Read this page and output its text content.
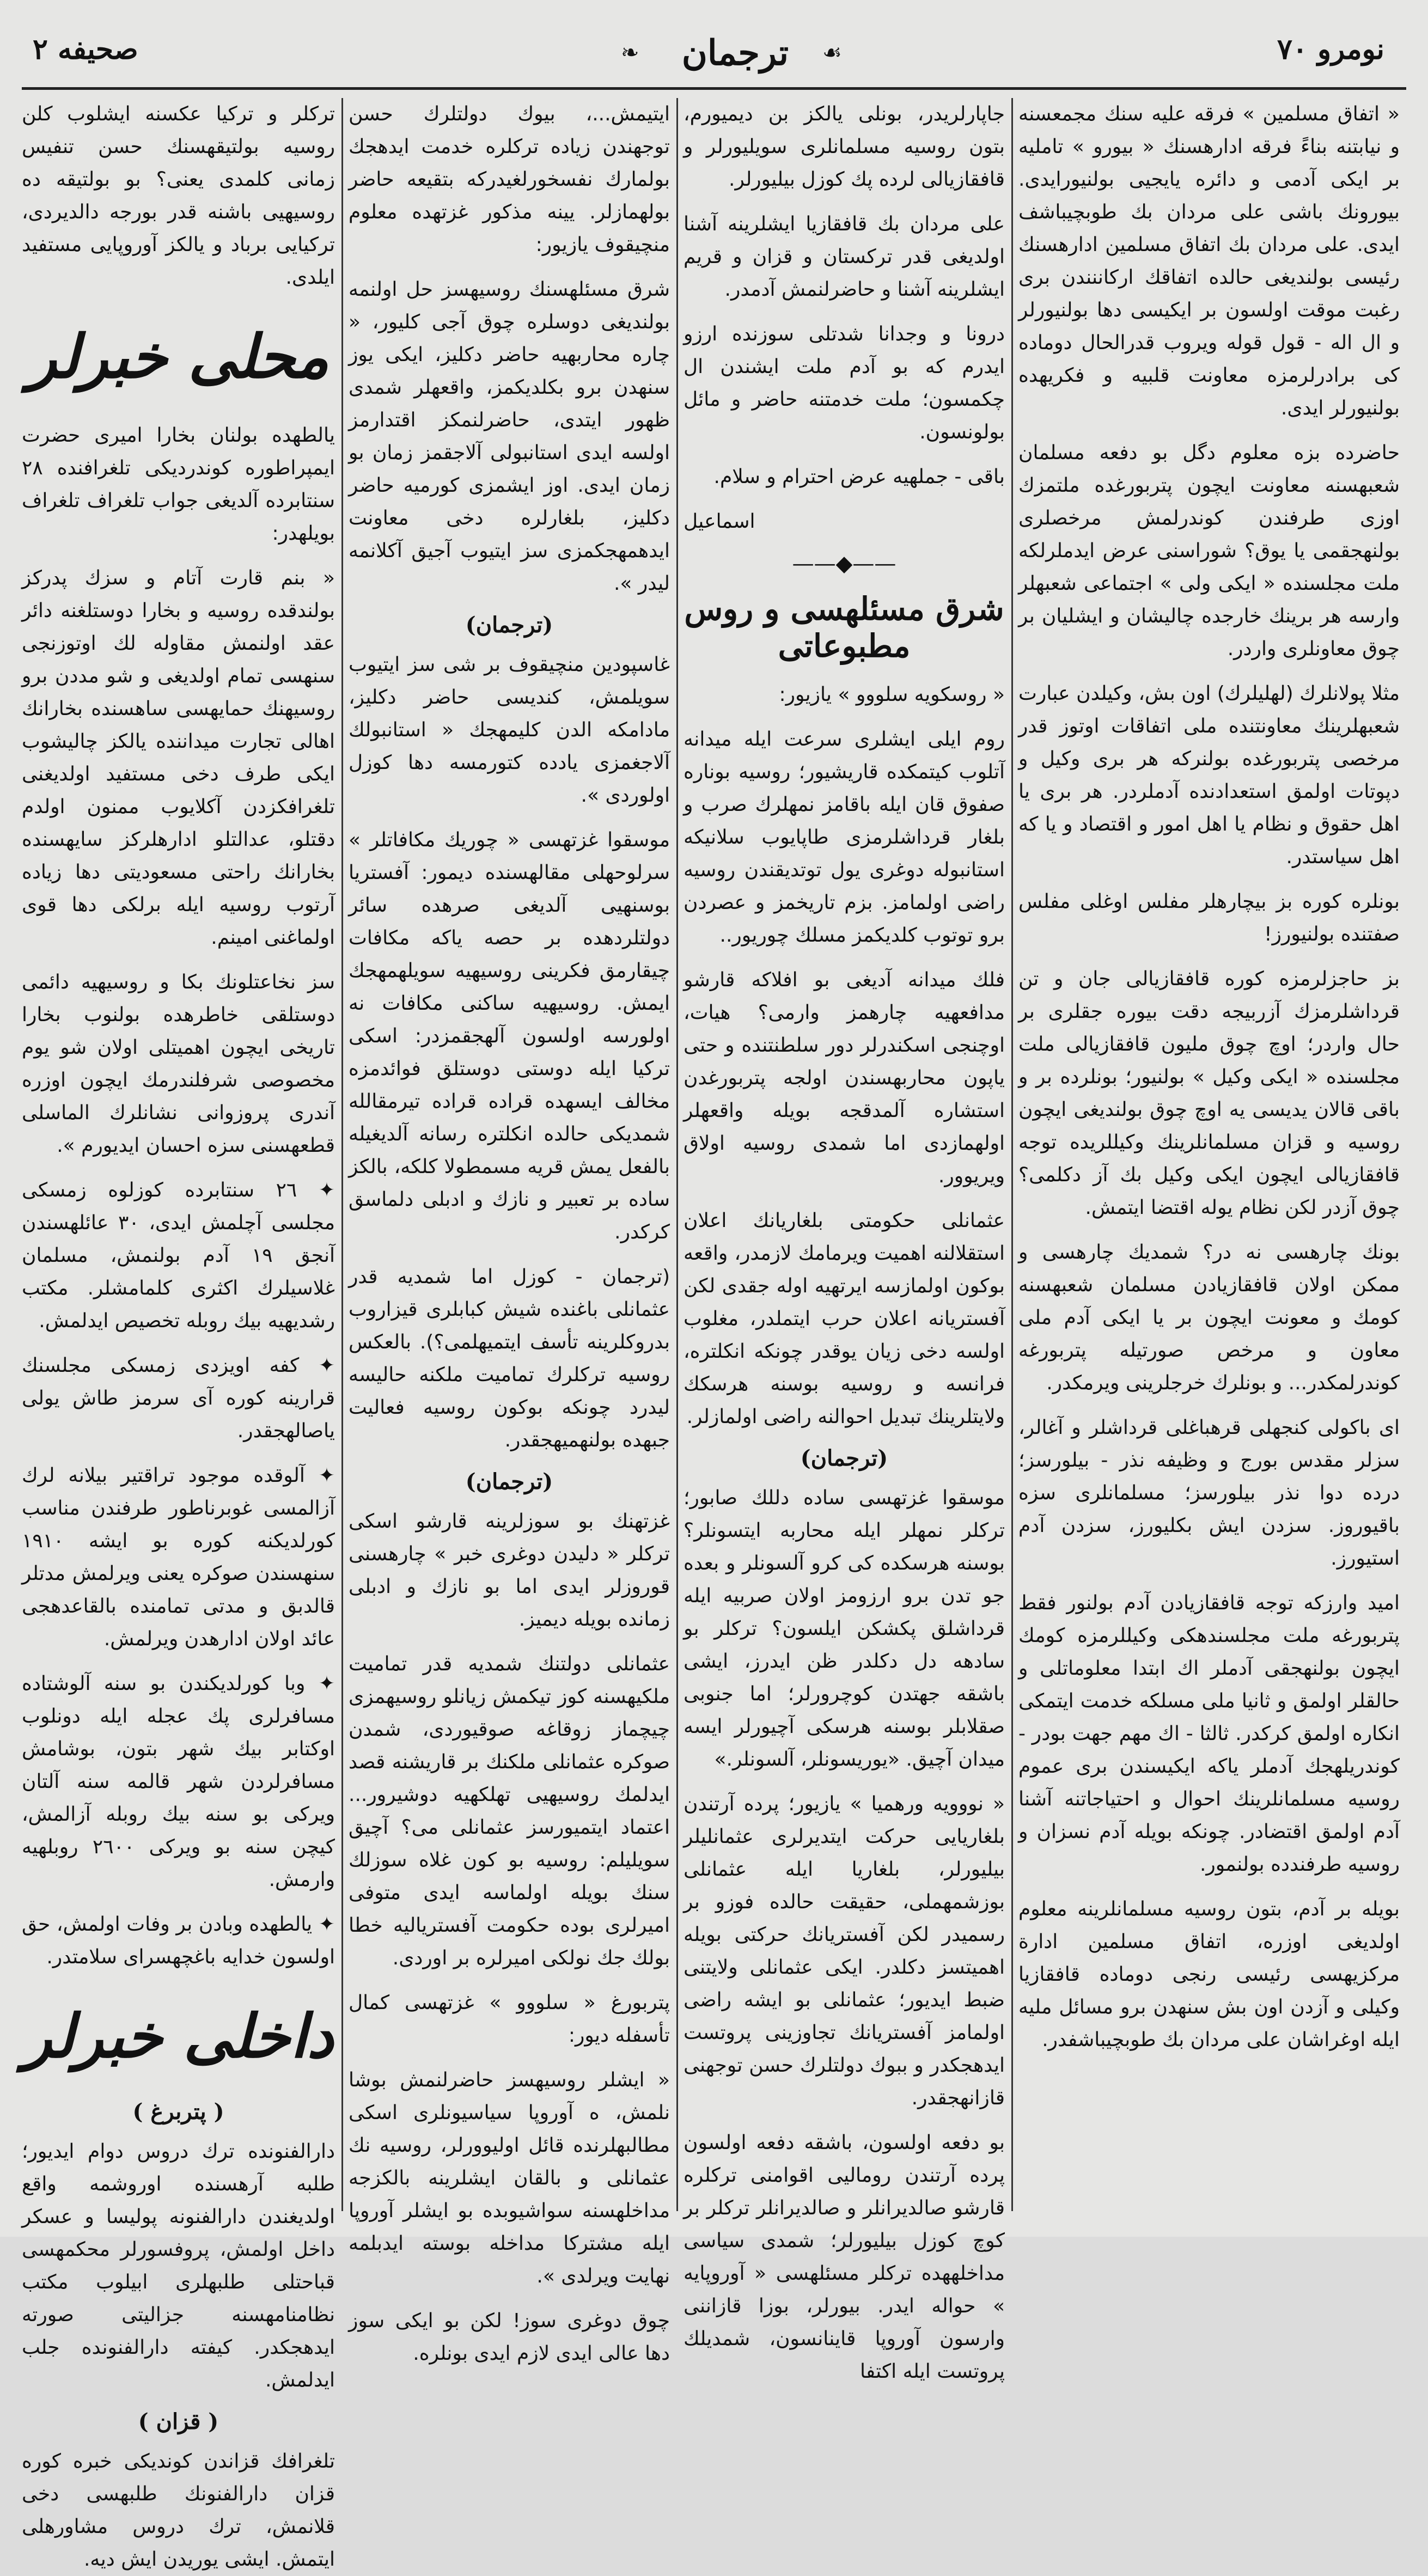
صحيفه ٢	❧	ترجمان	☙	نومرو ٧٠

« اتفاق مسلمين » فرقه عليه سنك مجمعسنه و نيابتنه بناءً فرقه ادارهسنك « بيورو » تامليه بر ايكى آدمى و دائره يايجيى بولنيورايدى. بيورونك باشى على مردان بك طوبچيباشف ايدى. على مردان بك اتفاق مسلمين ادارهسنك رئيسى بولنديغى حالده اتفاقك اركاننندن برى رغبت موقت اولسون بر ايكيسى دها بولنيورلر و ال اله - قول قوله ويروب قدرالحال دوماده كى برادرلرمزه معاونت قلبيه و فكريهده بولنيورلر ايدى.

حاضرده بزه معلوم دگل بو دفعه مسلمان شعبهسنه معاونت ايچون پتربورغده ملتمزك اوزى طرفندن كوندرلمش مرخصلرى بولنهجقمى يا يوق؟ شوراسنى عرض ايدملرلكه ملت مجلسنده « ايكى ولى » اجتماعى شعبهلر وارسه هر برينك خارجده چاليشان و ايشليان بر چوق معاونلرى واردر.

مثلا پولانلرك (لهليلرك) اون بش، وكيلدن عبارت شعبهلرينك معاونتنده ملى اتفاقات اوتوز قدر مرخصى پتربورغده بولنركه هر برى وكيل و دپوتات اولمق استعدادنده آدملردر. هر برى يا اهل حقوق و نظام يا اهل امور و اقتصاد و يا كه اهل سياستدر.

بونلره كوره بز بيچارهلر مفلس اوغلى مفلس صفتنده بولنيورز!

بز حاجزلرمزه كوره قافقازيالى جان و تن قرداشلرمزك آزربيجه دقت بيوره جقلرى بر حال واردر؛ اوچ چوق مليون قافقازيالى ملت مجلسنده « ايكى وكيل » بولنيور؛ بونلرده بر و باقى قالان يديسى يه اوچ چوق بولنديغى ايچون روسيه و قزان مسلمانلرينك وكيللريده توجه قافقازيالى ايچون ايكى وكيل بك آز دكلمى؟ چوق آزدر لكن نظام يوله اقتضا ايتمش.

بونك چارهسى نه در؟ شمديك چارهسى و ممكن اولان قافقازيادن مسلمان شعبهسنه كومك و معونت ايچون بر يا ايكى آدم ملى معاون و مرخص صورتيله پتربورغه كوندرلمكدر... و بونلرك خرجلرينى ويرمكدر.

اى باكولى كنجهلى قرهباغلى قرداشلر و آغالر، سزلر مقدس بورج و وظيفه نذر - بيلورسز؛ درده دوا نذر بيلورسز؛ مسلمانلرى سزه باقيوروز. سزدن ايش بكليورز، سزدن آدم استيورز.

اميد وارزكه توجه قافقازيادن آدم بولنور فقط پتربورغه ملت مجلسندهكى وكيللرمزه كومك ايچون بولنهجقى آدملر اك ابتدا معلوماتلى و حالقلر اولمق و ثانيا ملى مسلكه خدمت ايتمكى انكاره اولمق كركدر. ثالثا - اك مهم جهت بودر - كوندريلهجك آدملر ياكه ايكيسندن برى عموم روسيه مسلمانلرينك احوال و احتياجاتنه آشنا آدم اولمق اقتضادر. چونكه بويله آدم نسزان و روسيه طرفندده بولنمور.

بويله بر آدم، بتون روسيه مسلمانلرينه معلوم اولديغى اوزره، اتفاق مسلمين ادارة مركزيهسى رئيسى رنجى دوماده قافقازيا وكيلى و آزدن اون بش سنهدن برو مسائل مليه ايله اوغراشان على مردان بك طوبچيباشفدر.

جاپارلريدر، بونلى يالكز بن ديميورم، بتون روسيه مسلمانلرى سويليورلر و قافقازيالى لرده پك كوزل بيليورلر.

على مردان بك قافقازيا ايشلرينه آشنا اولديغى قدر تركستان و قزان و قريم ايشلرينه آشنا و حاضرلنمش آدمدر.

درونا و وجدانا شدتلى سوزنده ارزو ايدرم كه بو آدم ملت ايشندن ال چكمسون؛ ملت خدمتنه حاضر و مائل بولونسون.

باقى - جملهيه عرض احترام و سلام.

اسماعيل

——◆——
شرق مسئلهسى و روس مطبوعاتى

« روسكويه سلووو » يازيور:

روم ايلى ايشلرى سرعت ايله ميدانه آتلوب كيتمكده قاريشيور؛ روسيه بوناره صفوق قان ايله باقامز نمهلرك صرب و بلغار قرداشلرمزى طاپايوب سلانيكه استانبوله دوغرى يول توتديقندن روسيه راضى اولمامز. بزم تاريخمز و عصردن برو توتوب كلديكمز مسلك چوريور..

فلك ميدانه آديغى بو افلاكه قارشو مدافعهيه چارهمز وارمى؟ هيات، اوچنجى اسكندرلر دور سلطنتنده و حتى ياپون محاربهسندن اولجه پتربورغدن استشاره آلمدقجه بويله واقعهلر اولهمازدى اما شمدى روسيه اولاق ويريوور.

عثمانلى حكومتى بلغاريانك اعلان استقلالنه اهميت ويرمامك لازمدر، واقعه بوكون اولمازسه ايرتهيه اوله جقدى لكن آفستريانه اعلان حرب ايتملدر، مغلوب اولسه دخى زيان يوقدر چونكه انكلتره، فرانسه و روسيه بوسنه هرسكك ولايتلرينك تبديل احوالنه راضى اولمازلر.

(ترجمان)

موسقوا غزتهسى ساده دللك صابور؛ تركلر نمهلر ايله محاربه ايتسونلر؟ بوسنه هرسكده كى كرو آلسونلر و بعده جو تدن برو ارزومز اولان صربيه ايله قرداشلق پكشكن ايلسون؟ تركلر بو سادهه دل دكلدر ظن ايدرز، ايشى باشقه جهتدن كوچرورلر؛ اما جنوبى صقلابلر بوسنه هرسكى آچيورلر ايسه ميدان آچيق. «يوريسونلر، آلسونلر.»

« نووويه ورهميا » يازيور؛ پرده آرتندن بلغاريايى حركت ايتديرلرى عثمانليلر بيليورلر، بلغاريا ايله عثمانلى بوزشمهملى، حقيقت حالده فوزو بر رسميدر لكن آفستريانك حركتى بويله اهميتسز دكلدر. ايكى عثمانلى ولايتنى ضبط ايديور؛ عثمانلى بو ايشه راضى اولمامز آفستريانك تجاوزينى پروتست ايدهجكدر و ببوك دولتلرك حسن توجهنى قازانهجقدر.

بو دفعه اولسون، باشقه دفعه اولسون پرده آرتندن روماليى اقوامنى تركلره قارشو صالديرانلر و صالديرانلر تركلر بر كوچ كوزل بيليورلر؛ شمدى سياسى مداخلههده تركلر مسئلهسى « آوروپايه » حواله ايدر. بيورلر، بوزا قازاننى وارسون آوروپا قاينانسون، شمديلك پروتست ايله اكتفا

ايتيمش...، بيوك دولتلرك حسن توجهندن زياده تركلره خدمت ايدهجك بولمارك نفسخورلغيدركه بتقيعه حاضر بولهمازلر. يينه مذكور غزتهده معلوم منچيقوف يازيور:

شرق مسئلهسنك روسيهسز حل اولنمه بولنديغى دوسلره چوق آجى كليور، « چاره محاربهيه حاضر دكليز، ايكى يوز سنهدن برو بكلديكمز، واقعهلر شمدى ظهور ايتدى، حاضرلنمكز اقتدارمز اولسه ايدى استانبولى آلاجقمز زمان بو زمان ايدى. اوز ايشمزى كورميه حاضر دكليز، بلغارلره دخى معاونت ايدهمهجكمزى سز ايتيوب آجيق آكلانمه ليدر ».

(ترجمان)

غاسپودين منچيقوف بر شى سز ايتيوب سويلمش، كنديسى حاضر دكليز، مادامكه الدن كليمهجك « استانبولك آلاجغمزى يادده كتورمسه دها كوزل اولوردى ».

موسقوا غزتهسى « چوريك مكافاتلر » سرلوحهلى مقالهسنده ديمور: آفستريا بوسنهيى آلديغى صرهده سائر دولتلردهده بر حصه ياكه مكافات چيقارمق فكرينى روسيهيه سويلهمهجك ايمش. روسيهيه ساكنى مكافات نه اولورسه اولسون آلهجقمزدر: اسكى تركيا ايله دوستى دوستلق فوائدمزه مخالف ايسهده قراده قراده تيرمقالله شمديكى حالده انكلتره رسانه آلديغيله بالفعل يمش قريه مسمطولا كلكه، بالكز ساده بر تعبير و نازك و ادبلى دلماسق كركدر.

(ترجمان - كوزل اما شمديه قدر عثمانلى باغنده شيش كبابلرى قيزاروب بدروكلرينه تأسف ايتميهلمى؟). بالعكس روسيه تركلرك تماميت ملكنه حاليسه ليدرد چونكه بوكون روسيه فعاليت جبهده بولنهميهجقدر.

(ترجمان)

غزتهنك بو سوزلرينه قارشو اسكى تركلر « دليدن دوغرى خبر » چارهسنى قوروزلر ايدى اما بو نازك و ادبلى زمانده بويله ديميز.

عثمانلى دولتنك شمديه قدر تماميت ملكيهسنه كوز تيكمش زيانلو روسيهمزى چيچماز زوقاغه صوقيوردى، شمدن صوكره عثمانلى ملكنك بر قاريشنه قصد ايدلمك روسيهيى تهلكهيه دوشيرور... اعتماد ايتميورسز عثمانلى مى؟ آچيق سويليلم: روسيه بو كون غلاه سوزلك سنك بويله اولماسه ايدى متوفى اميرلرى بوده حكومت آفسترياليه خطا بولك جك نولكى اميرلره بر اوردى.

پتربورغ « سلووو » غزتهسى كمال تأسفله ديور:

« ايشلر روسيهسز حاضرلنمش بوشا نلمش، ه آوروپا سياسيونلرى اسكى مطالبهلرنده قائل اوليوورلر، روسيه نك عثمانلى و بالقان ايشلرينه بالكزجه مداخلهسنه سواشيوبده بو ايشلر آوروپا ايله مشتركا مداخله بوسته ايدبلمه نهايت ويرلدى ».

چوق دوغرى سوز! لكن بو ايكى سوز دها عالى ايدى لازم ايدى بونلره.

تركلر و تركيا عكسنه ايشلوب كلن روسيه بولتيقهسنك حسن تنفيس زمانى كلمدى يعنى؟ بو بولتيقه ده روسيهيى باشنه قدر بورجه دالديردى، تركيايى برباد و يالكز آوروپايى مستفيد ايلدى.

محلى خبرلر

يالطهده بولنان بخارا اميرى حضرت ايمپراطوره كوندرديكى تلغرافنده ٢٨ سنتابرده آلديغى جواب تلغراف تلغراف بويلهدر:

« بنم قارت آتام و سزك پدرکز بولندقده روسيه و بخارا دوستلغنه دائر عقد اولنمش مقاوله لك اوتوزنجى سنهسى تمام اولديغى و شو مددن برو روسيهنك حمايهسى ساهسنده بخارانك اهالى تجارت ميداننده يالكز چاليشوب ايكى طرف دخى مستفيد اولديغنى تلغرافكزدن آكلايوب ممنون اولدم دقتلو، عدالتلو ادارهلرکز سايهسنده بخارانك راحتى مسعوديتى دها زياده آرتوب روسيه ايله برلكى دها قوى اولماغنى امينم.

سز نخاعتلونك بكا و روسيهيه دائمى دوستلقى خاطرهده بولنوب بخارا تاريخى ايچون اهميتلى اولان شو يوم مخصوصى شرفلندرمك ايچون اوزره آندرى پروزوانى نشانلرك الماسلى قطعهسنى سزه احسان ايديورم ».

✦ ٢٦ سنتابرده كوزلوه زمسكى مجلسى آچلمش ايدى، ٣٠ عائلهسندن آنجق ١٩ آدم بولنمش، مسلمان غلاسيلرك اكثرى كلمامشلر. مكتب رشديهيه بيك روبله تخصيص ايدلمش.

✦ كفه اويزدى زمسكى مجلسنك قرارينه كوره آى سرمز طاش يولى ياصالهجقدر.

✦ آلوقده موجود تراقتير بيلانه لرك آزالمسى غوبرناطور طرفندن مناسب كورلديكنه كوره بو ايشه ١٩١٠ سنهسندن صوكره يعنى ويرلمش مدتلر قالدبق و مدتى تمامنده بالقاعدهجى عائد اولان ادارهدن ويرلمش.

✦ وبا كورلديكندن بو سنه آلوشتاده مسافرلرى پك عجله ايله دونلوب اوكتابر بيك شهر بتون، بوشامش مسافرلردن شهر قالمه سنه آلتان ويركى بو سنه بيك روبله آزالمش، كيچن سنه بو ويركى ٢٦٠٠ روبلهيه وارمش.

✦ يالطهده وبادن بر وفات اولمش، حق اولسون خدايه باغچهسراى سلامتدر.

داخلى خبرلر
( پتربرغ )

دارالفنونده ترك دروس دوام ايديور؛ طلبه آرهسنده اوروشمه واقع اولديغندن دارالفنونه پوليسا و عسكر داخل اولمش، پروفسورلر محكمهسى قباحتلى طلبهلرى ابيلوب مكتب نظامنامهسنه جزاليتى صورته ايدهجكدر. كيفته دارالفنونده جلب ايدلمش.

( قزان )

تلغرافك قزاندن كونديكى خبره كوره قزان دارالفنونك طلبهسى دخى قلانمش، ترك دروس مشاورهلى ايتمش. ايشى يوريدن ايش ديه.
